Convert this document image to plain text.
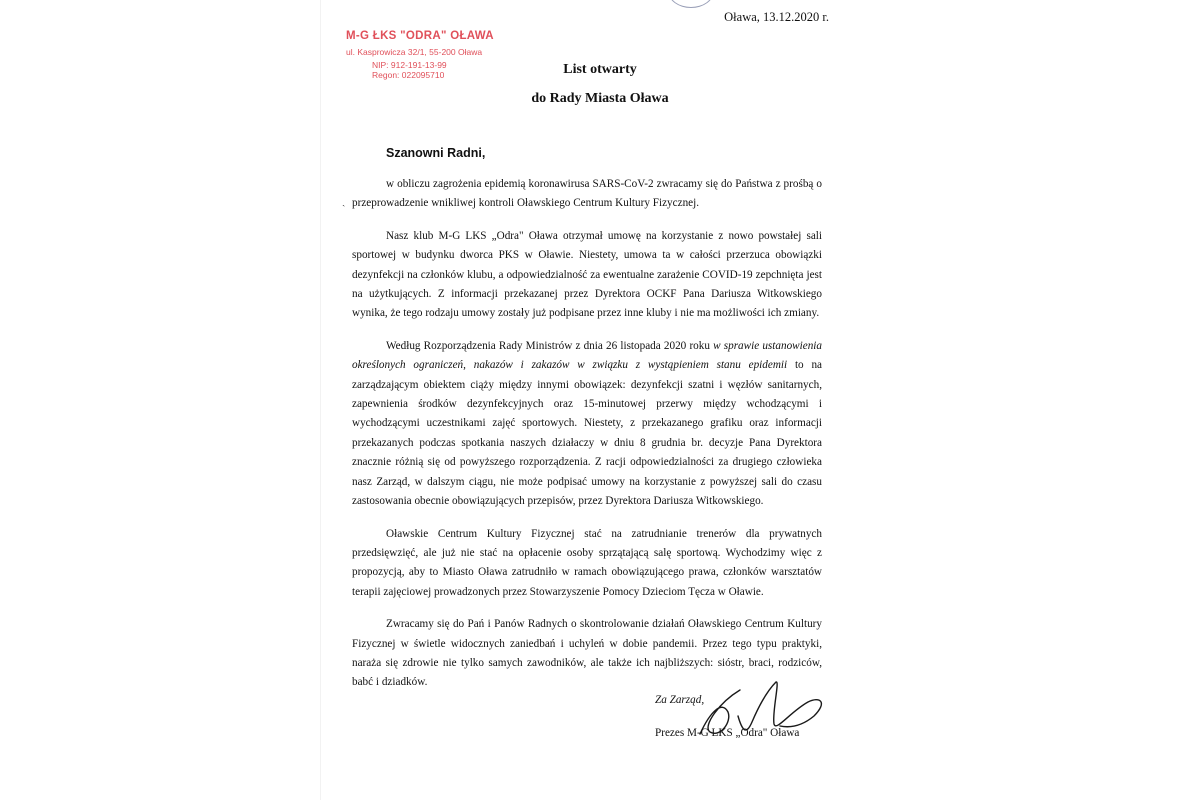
M-G ŁKS "ODRA" OŁAWA
ul. Kasprowicza 32/1, 55-200 Oława
NIP: 912-191-13-99
Regon: 022095710
Oława, 13.12.2020 r.
List otwarty
do Rady Miasta Oława
Szanowni Radni,
ˏ

w obliczu zagrożenia epidemią koronawirusa SARS-CoV-2 zwracamy się do Państwa z prośbą o przeprowadzenie wnikliwej kontroli Oławskiego Centrum Kultury Fizycznej.

Nasz klub M-G LKS „Odra" Oława otrzymał umowę na korzystanie z nowo powstałej sali sportowej w budynku dworca PKS w Oławie. Niestety, umowa ta w całości przerzuca obowiązki dezynfekcji na członków klubu, a odpowiedzialność za ewentualne zarażenie COVID-19 zepchnięta jest na użytkujących. Z informacji przekazanej przez Dyrektora OCKF Pana Dariusza Witkowskiego wynika, że tego rodzaju umowy zostały już podpisane przez inne kluby i nie ma możliwości ich zmiany.

Według Rozporządzenia Rady Ministrów z dnia 26 listopada 2020 roku w sprawie ustanowienia określonych ograniczeń, nakazów i zakazów w związku z wystąpieniem stanu epidemii to na zarządzającym obiektem ciąży między innymi obowiązek: dezynfekcji szatni i węzłów sanitarnych, zapewnienia środków dezynfekcyjnych oraz 15-minutowej przerwy między wchodzącymi i wychodzącymi uczestnikami zajęć sportowych. Niestety, z przekazanego grafiku oraz informacji przekazanych podczas spotkania naszych działaczy w dniu 8 grudnia br. decyzje Pana Dyrektora znacznie różnią się od powyższego rozporządzenia. Z racji odpowiedzialności za drugiego człowieka nasz Zarząd, w dalszym ciągu, nie może podpisać umowy na korzystanie z powyższej sali do czasu zastosowania obecnie obowiązujących przepisów, przez Dyrektora Dariusza Witkowskiego.

Oławskie Centrum Kultury Fizycznej stać na zatrudnianie trenerów dla prywatnych przedsięwzięć, ale już nie stać na opłacenie osoby sprzątającą salę sportową. Wychodzimy więc z propozycją, aby to Miasto Oława zatrudniło w ramach obowiązującego prawa, członków warsztatów terapii zajęciowej prowadzonych przez Stowarzyszenie Pomocy Dzieciom Tęcza w Oławie.

Zwracamy się do Pań i Panów Radnych o skontrolowanie działań Oławskiego Centrum Kultury Fizycznej w świetle widocznych zaniedbań i uchyleń w dobie pandemii. Przez tego typu praktyki, naraża się zdrowie nie tylko samych zawodników, ale także ich najbliższych: sióstr, braci, rodziców, babć i dziadków.

Za Zarząd,
Prezes M-G LKS „Odra" Oława
